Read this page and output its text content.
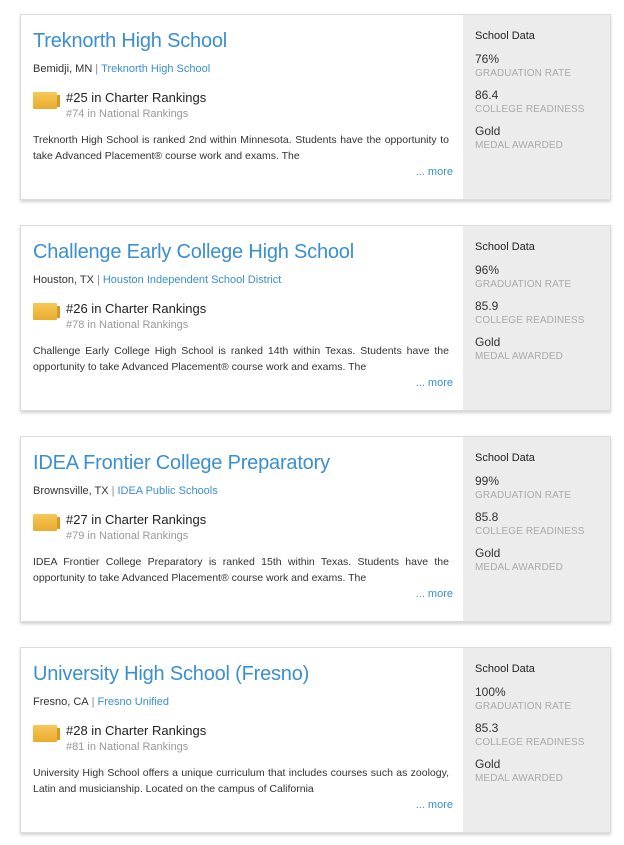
Treknorth High School
Bemidji, MN | Treknorth High School
#25 in Charter Rankings
#74 in National Rankings
Treknorth High School is ranked 2nd within Minnesota. Students have the opportunity to take Advanced Placement® course work and exams. The
... more
School Data
76%
GRADUATION RATE
86.4
COLLEGE READINESS
Gold
MEDAL AWARDED
Challenge Early College High School
Houston, TX | Houston Independent School District
#26 in Charter Rankings
#78 in National Rankings
Challenge Early College High School is ranked 14th within Texas. Students have the opportunity to take Advanced Placement® course work and exams. The
... more
School Data
96%
GRADUATION RATE
85.9
COLLEGE READINESS
Gold
MEDAL AWARDED
IDEA Frontier College Preparatory
Brownsville, TX | IDEA Public Schools
#27 in Charter Rankings
#79 in National Rankings
IDEA Frontier College Preparatory is ranked 15th within Texas. Students have the opportunity to take Advanced Placement® course work and exams. The
... more
School Data
99%
GRADUATION RATE
85.8
COLLEGE READINESS
Gold
MEDAL AWARDED
University High School (Fresno)
Fresno, CA | Fresno Unified
#28 in Charter Rankings
#81 in National Rankings
University High School offers a unique curriculum that includes courses such as zoology, Latin and musicianship. Located on the campus of California
... more
School Data
100%
GRADUATION RATE
85.3
COLLEGE READINESS
Gold
MEDAL AWARDED
